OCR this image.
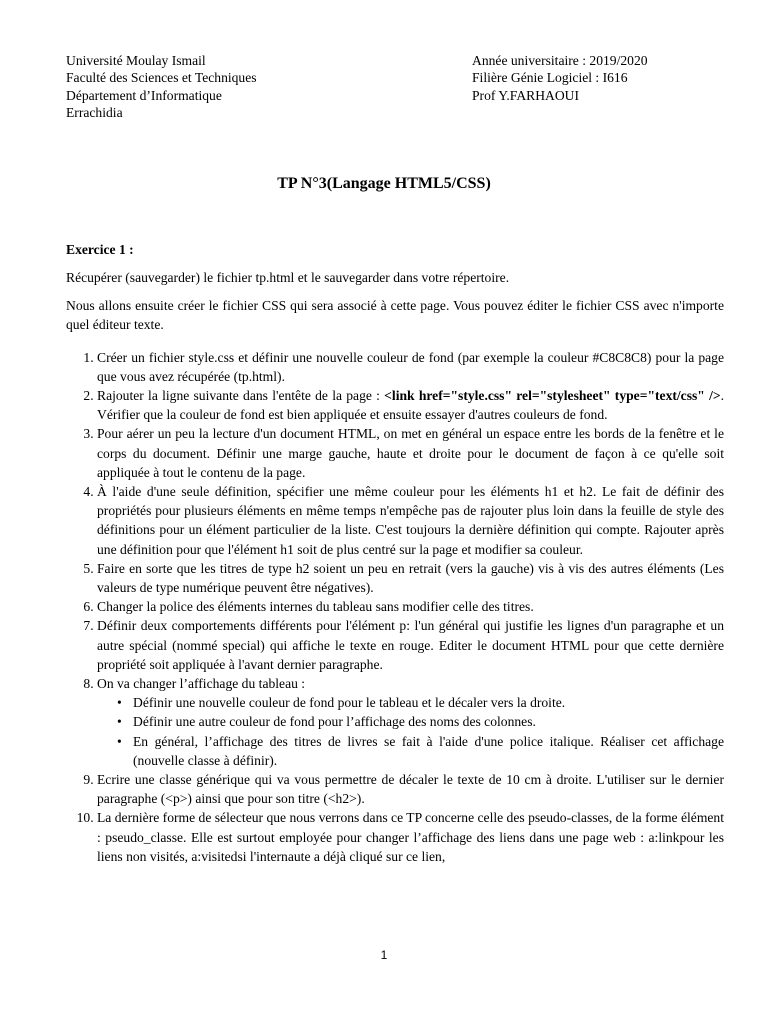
Université Moulay Ismail
Faculté des Sciences et Techniques
Département d’Informatique
Errachidia
Année universitaire : 2019/2020
Filière Génie Logiciel : I616
Prof Y.FARHAOUI
TP N°3(Langage HTML5/CSS)
Exercice 1 :

Récupérer (sauvegarder) le fichier tp.html et le sauvegarder dans votre répertoire.

Nous allons ensuite créer le fichier CSS qui sera associé à cette page. Vous pouvez éditer le fichier CSS avec n'importe quel éditeur texte.

1. Créer un fichier style.css et définir une nouvelle couleur de fond (par exemple la couleur #C8C8C8) pour la page que vous avez récupérée (tp.html).
2. Rajouter la ligne suivante dans l'entête de la page : <link href="style.css" rel="stylesheet" type="text/css" />. Vérifier que la couleur de fond est bien appliquée et ensuite essayer d'autres couleurs de fond.
3. Pour aérer un peu la lecture d'un document HTML, on met en général un espace entre les bords de la fenêtre et le corps du document. Définir une marge gauche, haute et droite pour le document de façon à ce qu'elle soit appliquée à tout le contenu de la page.
4. À l'aide d'une seule définition, spécifier une même couleur pour les éléments h1 et h2. Le fait de définir des propriétés pour plusieurs éléments en même temps n'empêche pas de rajouter plus loin dans la feuille de style des définitions pour un élément particulier de la liste. C'est toujours la dernière définition qui compte. Rajouter après une définition pour que l'élément h1 soit de plus centré sur la page et modifier sa couleur.
5. Faire en sorte que les titres de type h2 soient un peu en retrait (vers la gauche) vis à vis des autres éléments (Les valeurs de type numérique peuvent être négatives).
6. Changer la police des éléments internes du tableau sans modifier celle des titres.
7. Définir deux comportements différents pour l'élément p: l'un général qui justifie les lignes d'un paragraphe et un autre spécial (nommé special) qui affiche le texte en rouge. Editer le document HTML pour que cette dernière propriété soit appliquée à l'avant dernier paragraphe.
8. On va changer l’affichage du tableau :
• Définir une nouvelle couleur de fond pour le tableau et le décaler vers la droite.
• Définir une autre couleur de fond pour l’affichage des noms des colonnes.
• En général, l’affichage des titres de livres se fait à l'aide d'une police italique. Réaliser cet affichage (nouvelle classe à définir).
9. Ecrire une classe générique qui va vous permettre de décaler le texte de 10 cm à droite. L'utiliser sur le dernier paragraphe (<p>) ainsi que pour son titre (<h2>).
10. La dernière forme de sélecteur que nous verrons dans ce TP concerne celle des pseudo-classes, de la forme élément : pseudo_classe. Elle est surtout employée pour changer l’affichage des liens dans une page web : a:linkpour les liens non visités, a:visitedsi l'internaute a déjà cliqué sur ce lien,
1
